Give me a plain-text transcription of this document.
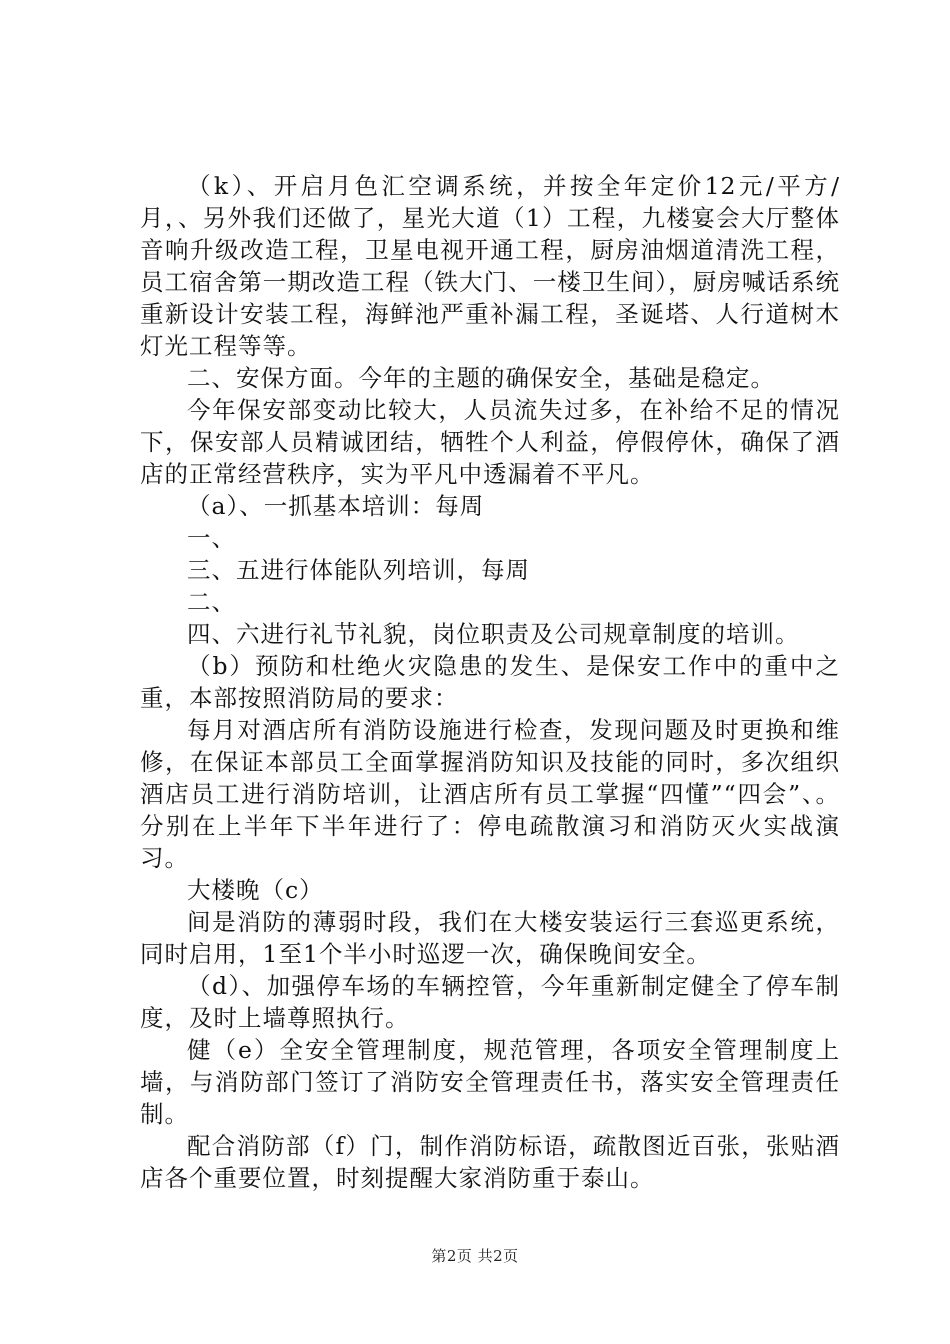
（k）、开启月色汇空调系统，并按全年定价12元/平方/月，、另外我们还做了，星光大道（1）工程，九楼宴会大厅整体音响升级改造工程，卫星电视开通工程，厨房油烟道清洗工程，员工宿舍第一期改造工程（铁大门、一楼卫生间），厨房喊话系统重新设计安装工程，海鲜池严重补漏工程，圣诞塔、人行道树木灯光工程等等。

二、安保方面。今年的主题的确保安全，基础是稳定。

今年保安部变动比较大，人员流失过多，在补给不足的情况下，保安部人员精诚团结，牺牲个人利益，停假停休，确保了酒店的正常经营秩序，实为平凡中透漏着不平凡。

（a）、一抓基本培训：每周

一、

三、五进行体能队列培训，每周

二、

四、六进行礼节礼貌，岗位职责及公司规章制度的培训。

（b）预防和杜绝火灾隐患的发生、是保安工作中的重中之重，本部按照消防局的要求：

每月对酒店所有消防设施进行检查，发现问题及时更换和维修，在保证本部员工全面掌握消防知识及技能的同时，多次组织酒店员工进行消防培训，让酒店所有员工掌握“四懂”“四会”、。分别在上半年下半年进行了：停电疏散演习和消防灭火实战演习。

大楼晚（c）

间是消防的薄弱时段，我们在大楼安装运行三套巡更系统，同时启用，1至1个半小时巡逻一次，确保晚间安全。

（d）、加强停车场的车辆控管，今年重新制定健全了停车制度，及时上墙尊照执行。

健（e）全安全管理制度，规范管理，各项安全管理制度上墙，与消防部门签订了消防安全管理责任书，落实安全管理责任制。

配合消防部（f）门，制作消防标语，疏散图近百张，张贴酒店各个重要位置，时刻提醒大家消防重于泰山。

第2页 共2页
